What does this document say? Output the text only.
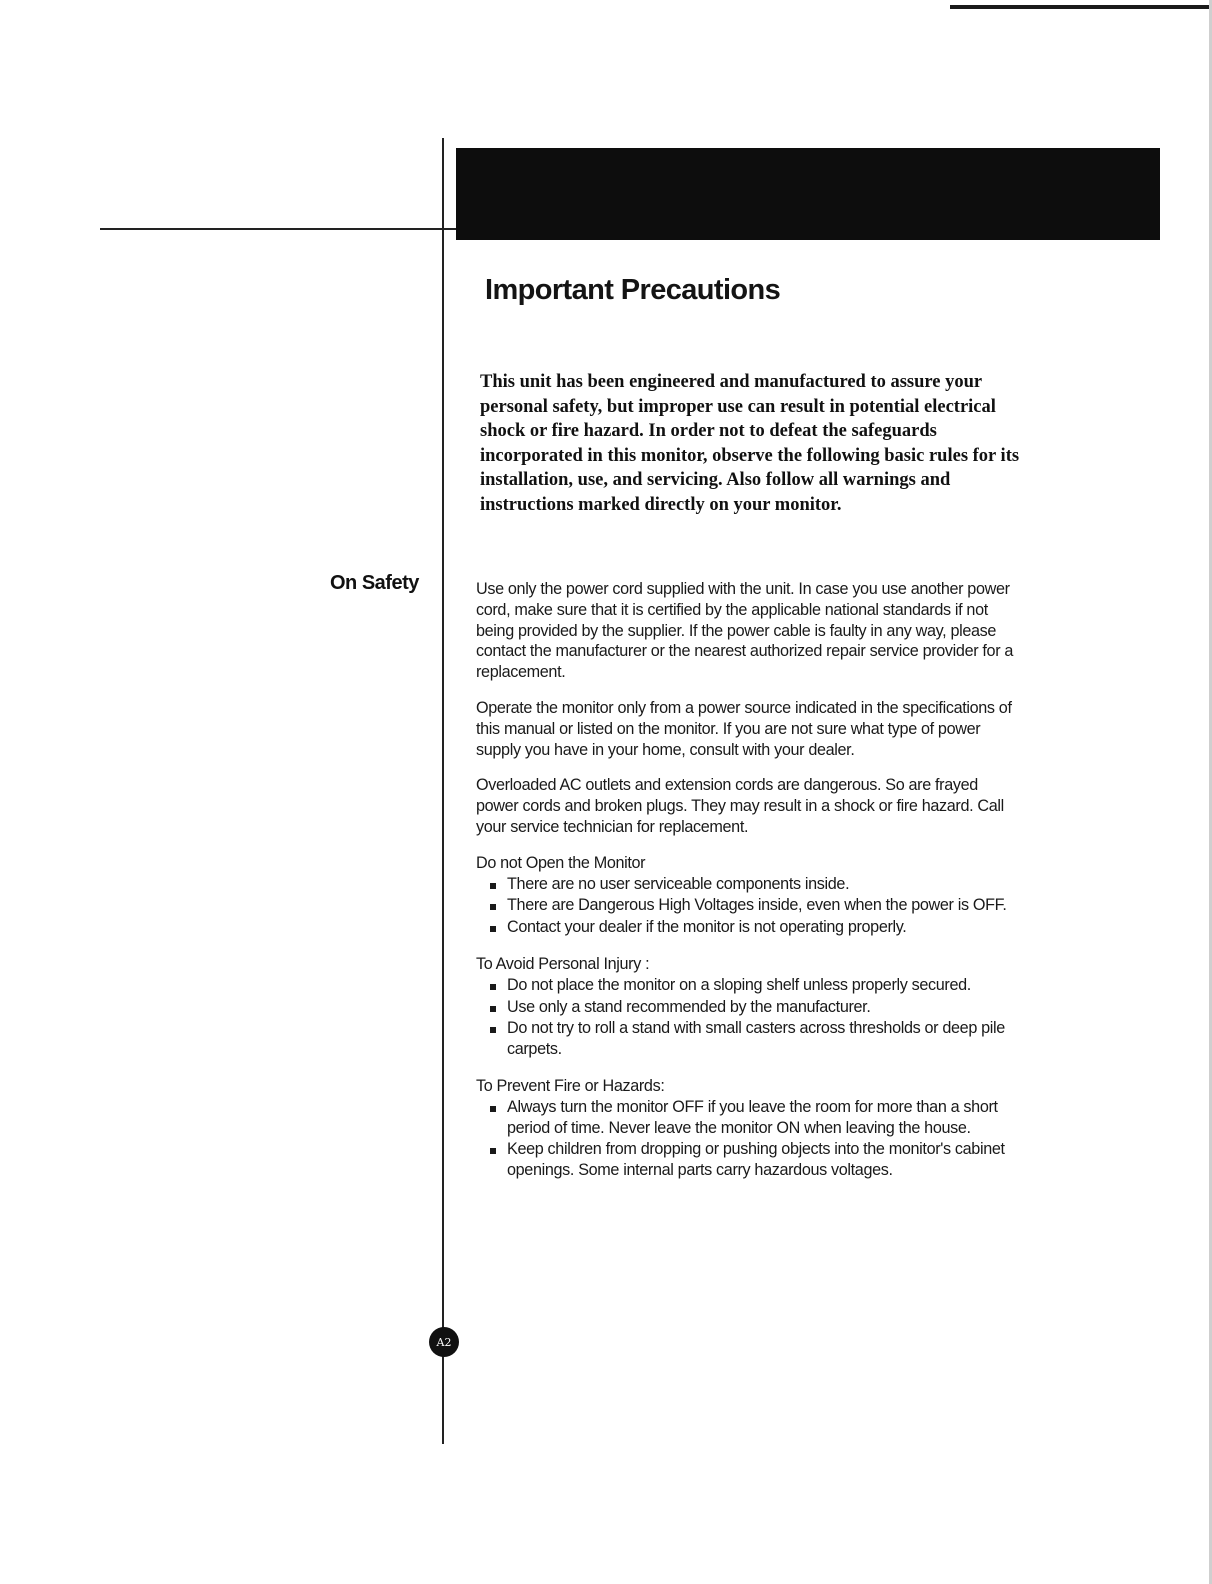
Important Precautions

This unit has been engineered and manufactured to assure your personal safety, but improper use can result in potential electrical shock or fire hazard. In order not to defeat the safeguards incorporated in this monitor, observe the following basic rules for its installation, use, and servicing. Also follow all warnings and instructions marked directly on your monitor.

On Safety	Use only the power cord supplied with the unit. In case you use another power cord, make sure that it is certified by the applicable national standards if not being provided by the supplier. If the power cable is faulty in any way, please contact the manufacturer or the nearest authorized repair service provider for a replacement.

Operate the monitor only from a power source indicated in the specifications of this manual or listed on the monitor. If you are not sure what type of power supply you have in your home, consult with your dealer.

Overloaded AC outlets and extension cords are dangerous. So are frayed power cords and broken plugs. They may result in a shock or fire hazard. Call your service technician for replacement.

Do not Open the Monitor

There are no user serviceable components inside.
There are Dangerous High Voltages inside, even when the power is OFF.
Contact your dealer if the monitor is not operating properly.

To Avoid Personal Injury :

Do not place the monitor on a sloping shelf unless properly secured.
Use only a stand recommended by the manufacturer.
Do not try to roll a stand with small casters across thresholds or deep pile carpets.

To Prevent Fire or Hazards:

Always turn the monitor OFF if you leave the room for more than a short period of time. Never leave the monitor ON when leaving the house.
Keep children from dropping or pushing objects into the monitor's cabinet openings. Some internal parts carry hazardous voltages.
A2
